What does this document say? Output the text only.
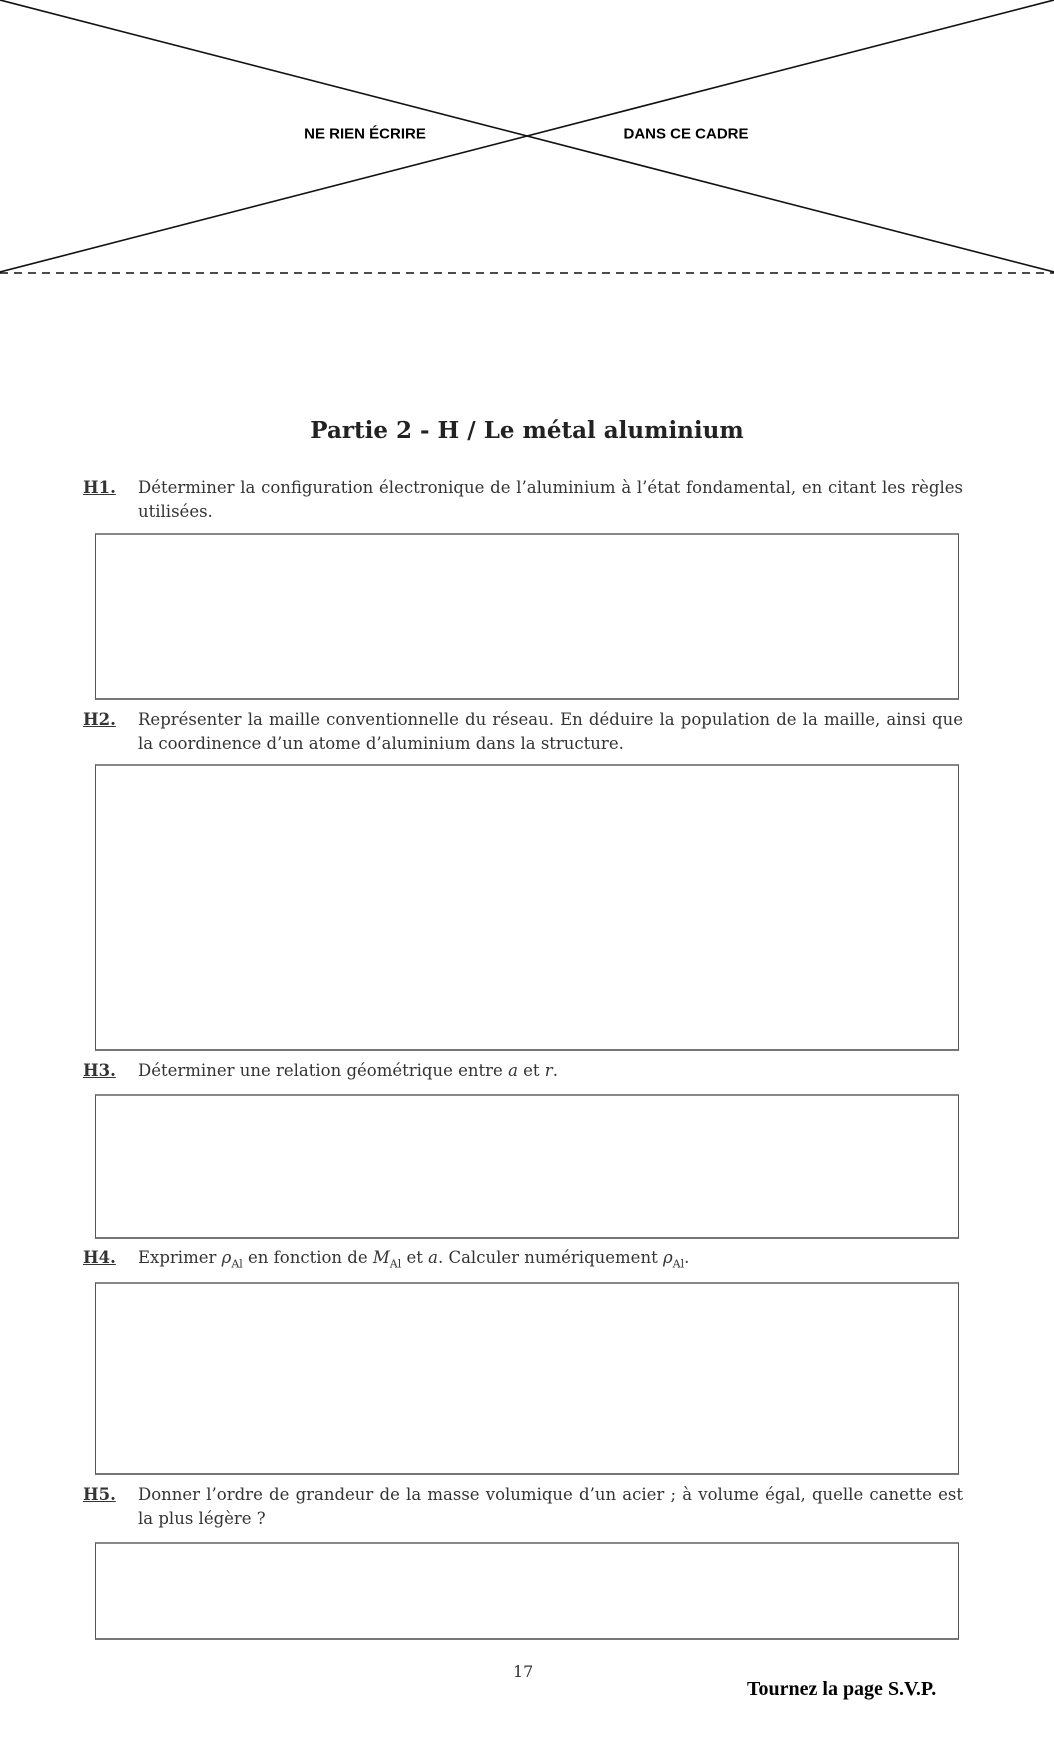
NE RIEN ÉCRIRE	DANS CE CADRE
Partie 2 - H / Le métal aluminium
H1. Déterminer la configuration électronique de l’aluminium à l’état fondamental, en citant les règles utilisées.
H2. Représenter la maille conventionnelle du réseau. En déduire la population de la maille, ainsi que la coordinence d’un atome d’aluminium dans la structure.
H3. Déterminer une relation géométrique entre a et r.
H4. Exprimer $\rho_{Al}$ en fonction de $M_{Al}$ et a. Calculer numériquement $\rho_{Al}$.
H5. Donner l’ordre de grandeur de la masse volumique d’un acier ; à volume égal, quelle canette est la plus légère ?
17
Tournez la page S.V.P.
